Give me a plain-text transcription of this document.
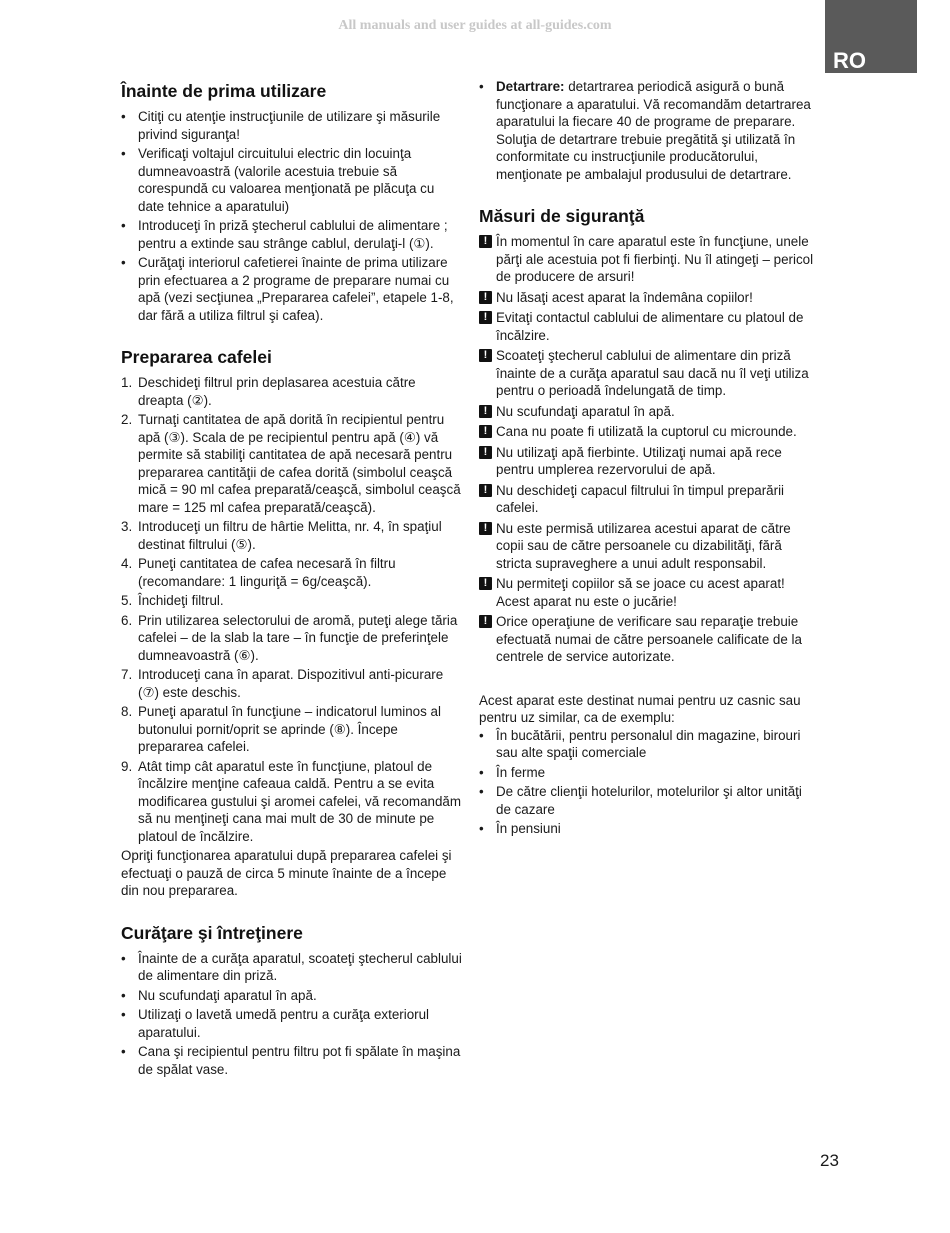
All manuals and user guides at all-guides.com
RO
Înainte de prima utilizare
• Citiţi cu atenţie instrucţiunile de utilizare şi măsurile privind siguranţa!
• Verificaţi voltajul circuitului electric din locuinţa dumneavoastră (valorile acestuia trebuie să corespundă cu valoarea menţionată pe plăcuţa cu date tehnice a aparatului)
• Introduceţi în priză ştecherul cablului de alimentare ; pentru a extinde sau strânge cablul, derulaţi-l (①).
• Curăţaţi interiorul cafetierei înainte de prima utilizare prin efectuarea a 2 programe de preparare numai cu apă (vezi secţiunea „Prepararea cafelei”, etapele 1-8, dar fără a utiliza filtrul şi cafea).
Prepararea cafelei
1. Deschideţi filtrul prin deplasarea acestuia către dreapta (②).
2. Turnaţi cantitatea de apă dorită în recipientul pentru apă (③). Scala de pe recipientul pentru apă (④) vă permite să stabiliţi cantitatea de apă necesară pentru prepararea cantităţii de cafea dorită (simbolul ceaşcă mică = 90 ml cafea preparată/ceaşcă, simbolul ceaşcă mare = 125 ml cafea preparată/ceaşcă).
3. Introduceţi un filtru de hârtie Melitta, nr. 4, în spaţiul destinat filtrului (⑤).
4. Puneţi cantitatea de cafea necesară în filtru (recomandare: 1 linguriţă = 6g/ceaşcă).
5. Închideţi filtrul.
6. Prin utilizarea selectorului de aromă, puteţi alege tăria cafelei – de la slab la tare – în funcţie de preferinţele dumneavoastră (⑥).
7. Introduceţi cana în aparat. Dispozitivul anti-picurare (⑦) este deschis.
8. Puneţi aparatul în funcţiune – indicatorul luminos al butonului pornit/oprit se aprinde (⑧). Începe prepararea cafelei.
9. Atât timp cât aparatul este în funcţiune, platoul de încălzire menţine cafeaua caldă. Pentru a se evita modificarea gustului şi aromei cafelei, vă recomandăm să nu menţineţi cana mai mult de 30 de minute pe platoul de încălzire.

Opriţi funcţionarea aparatului după prepararea cafelei şi efectuaţi o pauză de circa 5 minute înainte de a începe din nou prepararea.

Curăţare şi întreţinere
• Înainte de a curăţa aparatul, scoateţi ştecherul cablului de alimentare din priză.
• Nu scufundaţi aparatul în apă.
• Utilizaţi o lavetă umedă pentru a curăţa exteriorul aparatului.
• Cana şi recipientul pentru filtru pot fi spălate în maşina de spălat vase.
• Detartrare: detartrarea periodică asigură o bună funcţionare a aparatului. Vă recomandăm detartrarea aparatului la fiecare 40 de programe de preparare. Soluţia de detartrare trebuie pregătită şi utilizată în conformitate cu instrucţiunile producătorului, menţionate pe ambalajul produsului de detartrare.
Măsuri de siguranţă
! În momentul în care aparatul este în funcţiune, unele părţi ale acestuia pot fi fierbinţi. Nu îl atingeţi – pericol de producere de arsuri!
! Nu lăsaţi acest aparat la îndemâna copiilor!
! Evitaţi contactul cablului de alimentare cu platoul de încălzire.
! Scoateţi ştecherul cablului de alimentare din priză înainte de a curăţa aparatul sau dacă nu îl veţi utiliza pentru o perioadă îndelungată de timp.
! Nu scufundaţi aparatul în apă.
! Cana nu poate fi utilizată la cuptorul cu microunde.
! Nu utilizaţi apă fierbinte. Utilizaţi numai apă rece pentru umplerea rezervorului de apă.
! Nu deschideţi capacul filtrului în timpul preparării cafelei.
! Nu este permisă utilizarea acestui aparat de către copii sau de către persoanele cu dizabilităţi, fără stricta supraveghere a unui adult responsabil.
! Nu permiteţi copiilor să se joace cu acest aparat! Acest aparat nu este o jucărie!
! Orice operaţiune de verificare sau reparaţie trebuie efectuată numai de către persoanele calificate de la centrele de service autorizate.

Acest aparat este destinat numai pentru uz casnic sau pentru uz similar, ca de exemplu:

• În bucătării, pentru personalul din magazine, birouri sau alte spaţii comerciale
• În ferme
• De către clienţii hotelurilor, motelurilor şi altor unităţi de cazare
• În pensiuni
23
